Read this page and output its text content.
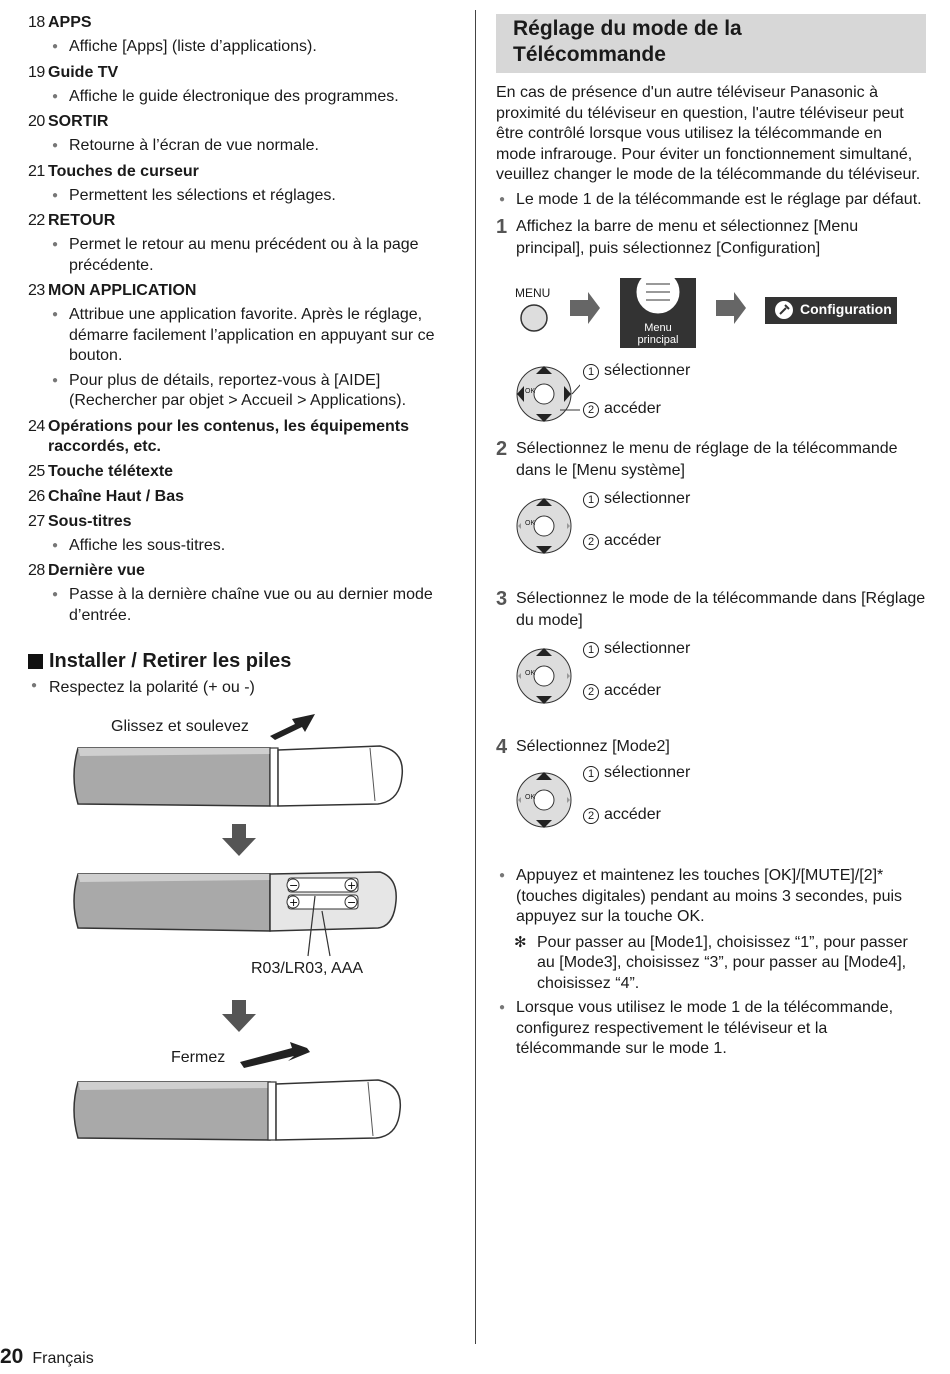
18 APPS
● Affiche [Apps] (liste d’applications).
19 Guide TV
● Affiche le guide électronique des programmes.
20 SORTIR
● Retourne à l’écran de vue normale.
21 Touches de curseur
● Permettent les sélections et réglages.
22 RETOUR
● Permet le retour au menu précédent ou à la page précédente.
23 MON APPLICATION
● Attribue une application favorite. Après le réglage, démarre facilement l’application en appuyant sur ce bouton.
● Pour plus de détails, reportez-vous à [AIDE] (Rechercher par objet > Accueil > Applications).
24 Opérations pour les contenus, les équipements raccordés, etc.
25 Touche télétexte
26 Chaîne Haut / Bas
27 Sous-titres
● Affiche les sous-titres.
28 Dernière vue
● Passe à la dernière chaîne vue ou au dernier mode d’entrée.
Installer / Retirer les piles
● Respectez la polarité (+ ou -)
Glissez et soulevez
R03/LR03, AAA
Fermez
−	+
+	−
Réglage du mode de la
Télécommande
En cas de présence d'un autre téléviseur Panasonic à proximité du téléviseur en question, l'autre téléviseur peut être contrôlé lorsque vous utilisez la télécommande en mode infrarouge. Pour éviter un fonctionnement simultané, veuillez changer le mode de la télécommande du téléviseur.
● Le mode 1 de la télécommande est le réglage par défaut.
1 Affichez la barre de menu et sélectionnez [Menu principal], puis sélectionnez [Configuration]
MENU
Menu
principal
Configuration
OK
1 sélectionner
2 accéder
2 Sélectionnez le menu de réglage de la télécommande dans le [Menu système]
OK
1 sélectionner
2 accéder
3 Sélectionnez le mode de la télécommande dans [Réglage du mode]
OK
1 sélectionner
2 accéder
4 Sélectionnez [Mode2]
OK
1 sélectionner
2 accéder
● Appuyez et maintenez les touches [OK]/[MUTE]/[2]* (touches digitales) pendant au moins 3 secondes, puis appuyez sur la touche OK.
✻ Pour passer au [Mode1], choisissez “1”, pour passer au [Mode3], choisissez “3”, pour passer au [Mode4], choisissez “4”.
● Lorsque vous utilisez le mode 1 de la télécommande, configurez respectivement le téléviseur et la télécommande sur le mode 1.
20 Français
